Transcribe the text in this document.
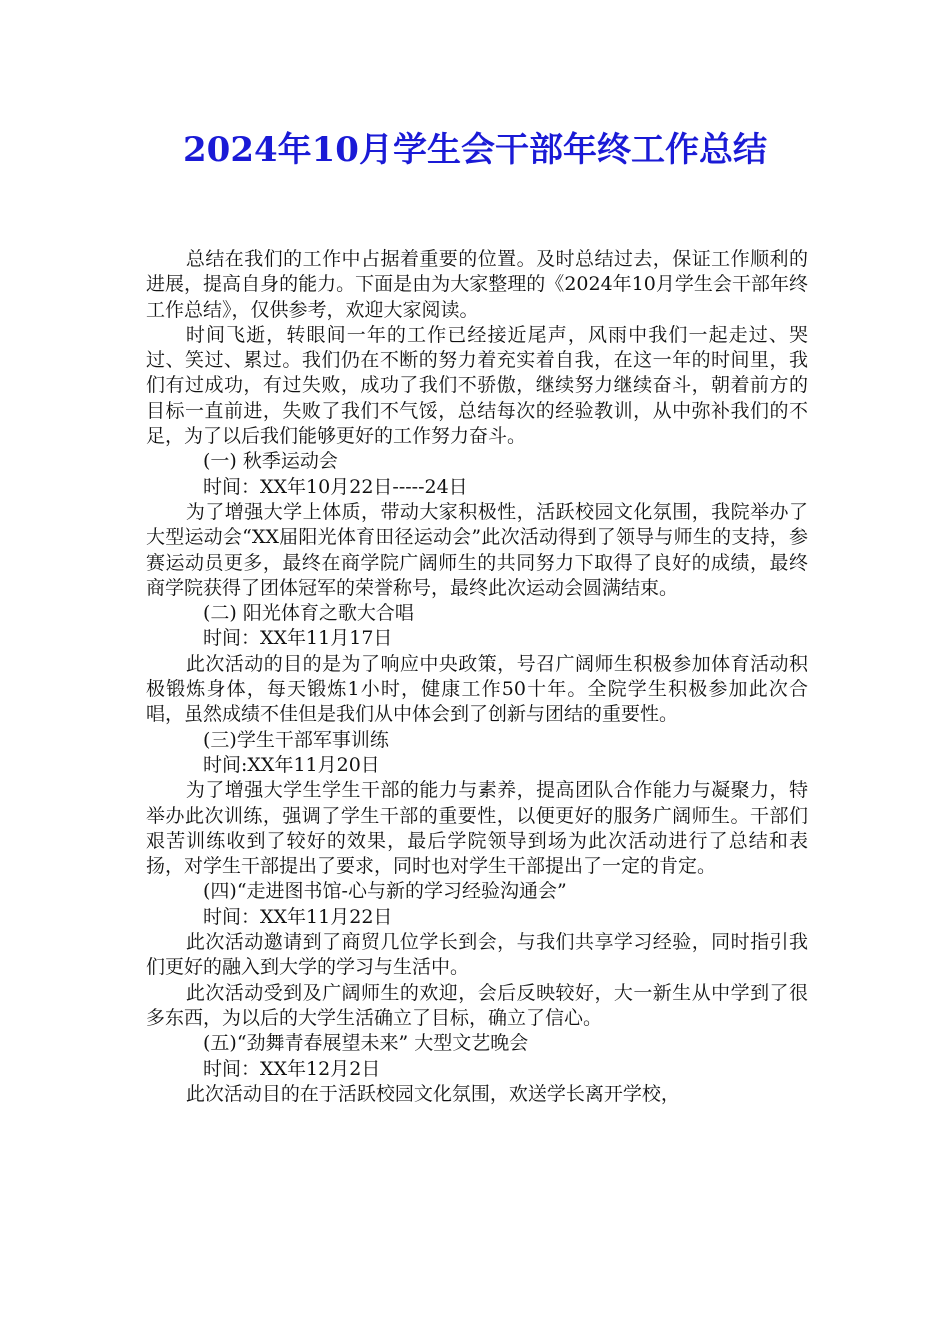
2024年10月学生会干部年终工作总结

总结在我们的工作中占据着重要的位置。及时总结过去，保证工作顺利的进展，提高自身的能力。下面是由为大家整理的《2024年10月学生会干部年终工作总结》，仅供参考，欢迎大家阅读。

时间飞逝，转眼间一年的工作已经接近尾声，风雨中我们一起走过、哭过、笑过、累过。我们仍在不断的努力着充实着自我，在这一年的时间里，我们有过成功，有过失败，成功了我们不骄傲，继续努力继续奋斗，朝着前方的目标一直前进，失败了我们不气馁，总结每次的经验教训，从中弥补我们的不足，为了以后我们能够更好的工作努力奋斗。

(一) 秋季运动会

时间：XX年10月22日-----24日

为了增强大学上体质，带动大家积极性，活跃校园文化氛围，我院举办了大型运动会“XX届阳光体育田径运动会”此次活动得到了领导与师生的支持，参赛运动员更多，最终在商学院广阔师生的共同努力下取得了良好的成绩，最终商学院获得了团体冠军的荣誉称号，最终此次运动会圆满结束。

(二) 阳光体育之歌大合唱

时间：XX年11月17日

此次活动的目的是为了响应中央政策，号召广阔师生积极参加体育活动积极锻炼身体，每天锻炼1小时，健康工作50十年。全院学生积极参加此次合唱，虽然成绩不佳但是我们从中体会到了创新与团结的重要性。

(三)学生干部军事训练

时间:XX年11月20日

为了增强大学生学生干部的能力与素养，提高团队合作能力与凝聚力，特举办此次训练，强调了学生干部的重要性，以便更好的服务广阔师生。干部们艰苦训练收到了较好的效果，最后学院领导到场为此次活动进行了总结和表扬，对学生干部提出了要求，同时也对学生干部提出了一定的肯定。

(四)“走进图书馆-心与新的学习经验沟通会”

时间：XX年11月22日

此次活动邀请到了商贸几位学长到会，与我们共享学习经验，同时指引我们更好的融入到大学的学习与生活中。

此次活动受到及广阔师生的欢迎，会后反映较好，大一新生从中学到了很多东西，为以后的大学生活确立了目标，确立了信心。

(五)“劲舞青春展望未来” 大型文艺晚会

时间：XX年12月2日

此次活动目的在于活跃校园文化氛围，欢送学长离开学校，
